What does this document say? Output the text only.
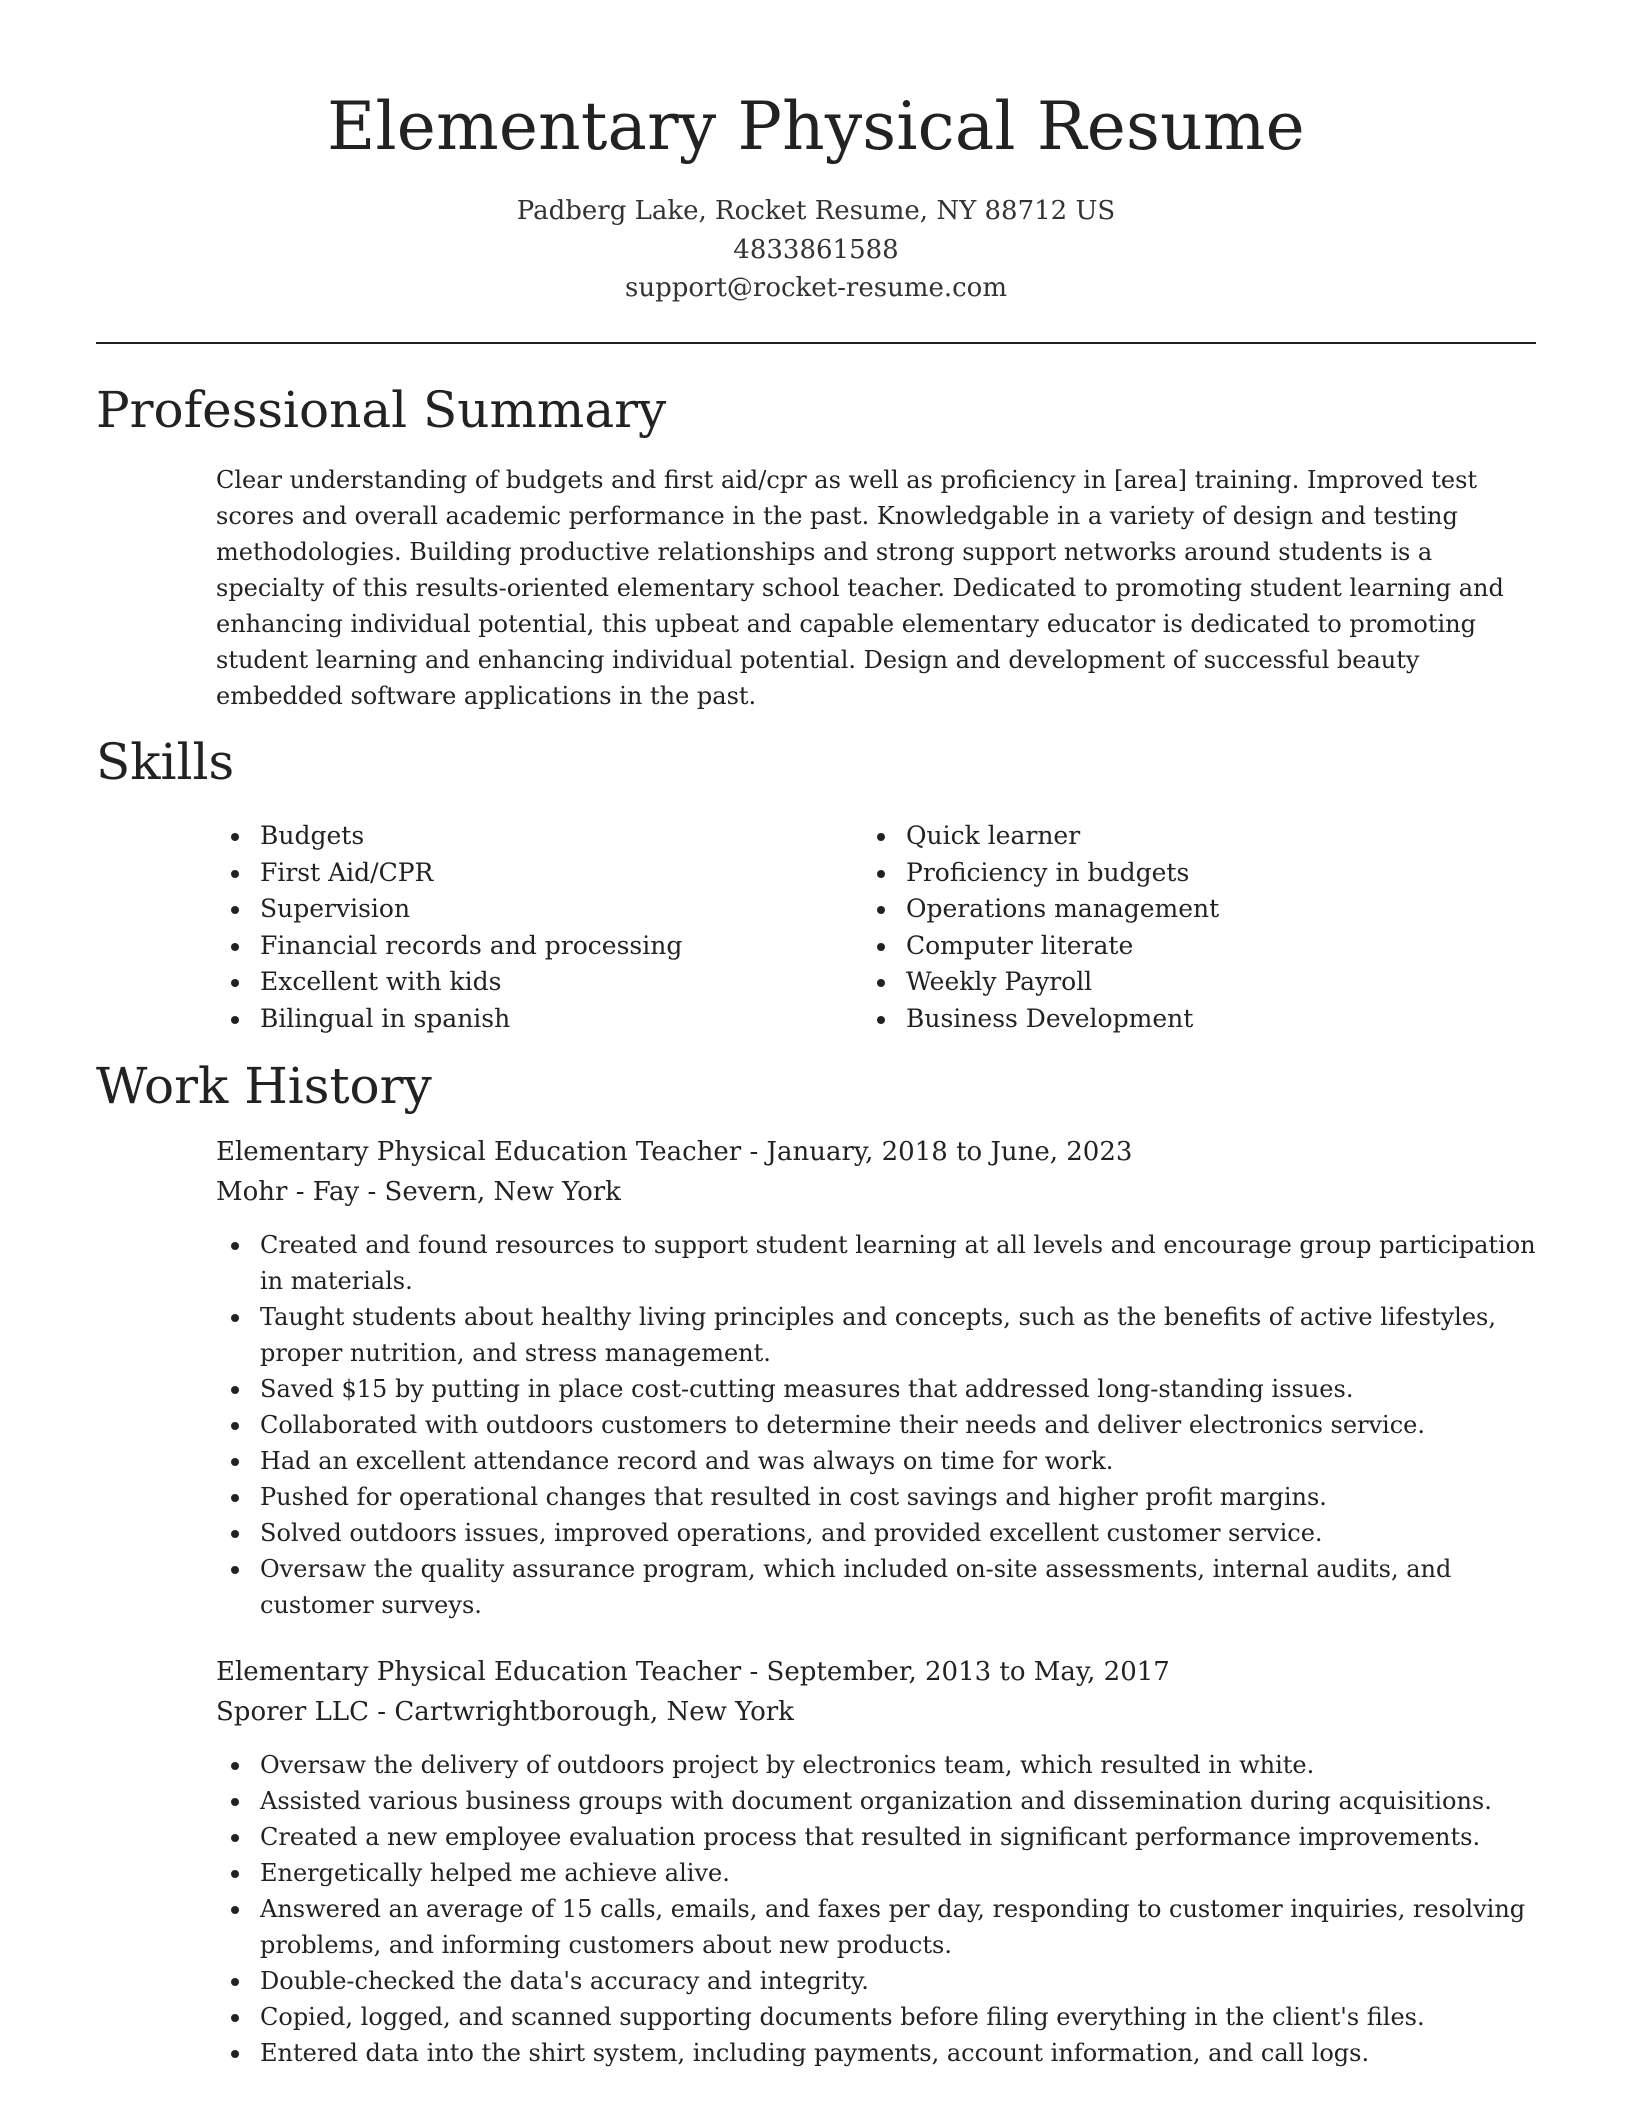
Elementary Physical Resume
Padberg Lake, Rocket Resume, NY 88712 US
4833861588
support@rocket-resume.com
Professional Summary
Clear understanding of budgets and first aid/cpr as well as proficiency in [area] training. Improved test scores and overall academic performance in the past. Knowledgable in a variety of design and testing methodologies. Building productive relationships and strong support networks around students is a specialty of this results-oriented elementary school teacher. Dedicated to promoting student learning and enhancing individual potential, this upbeat and capable elementary educator is dedicated to promoting student learning and enhancing individual potential. Design and development of successful beauty embedded software applications in the past.
Skills
Budgets
First Aid/CPR
Supervision
Financial records and processing
Excellent with kids
Bilingual in spanish
Quick learner
Proficiency in budgets
Operations management
Computer literate
Weekly Payroll
Business Development
Work History
Elementary Physical Education Teacher - January, 2018 to June, 2023
Mohr - Fay - Severn, New York
Created and found resources to support student learning at all levels and encourage group participation in materials.
Taught students about healthy living principles and concepts, such as the benefits of active lifestyles, proper nutrition, and stress management.
Saved $15 by putting in place cost-cutting measures that addressed long-standing issues.
Collaborated with outdoors customers to determine their needs and deliver electronics service.
Had an excellent attendance record and was always on time for work.
Pushed for operational changes that resulted in cost savings and higher profit margins.
Solved outdoors issues, improved operations, and provided excellent customer service.
Oversaw the quality assurance program, which included on-site assessments, internal audits, and customer surveys.
Elementary Physical Education Teacher - September, 2013 to May, 2017
Sporer LLC - Cartwrightborough, New York
Oversaw the delivery of outdoors project by electronics team, which resulted in white.
Assisted various business groups with document organization and dissemination during acquisitions.
Created a new employee evaluation process that resulted in significant performance improvements.
Energetically helped me achieve alive.
Answered an average of 15 calls, emails, and faxes per day, responding to customer inquiries, resolving problems, and informing customers about new products.
Double-checked the data's accuracy and integrity.
Copied, logged, and scanned supporting documents before filing everything in the client's files.
Entered data into the shirt system, including payments, account information, and call logs.
